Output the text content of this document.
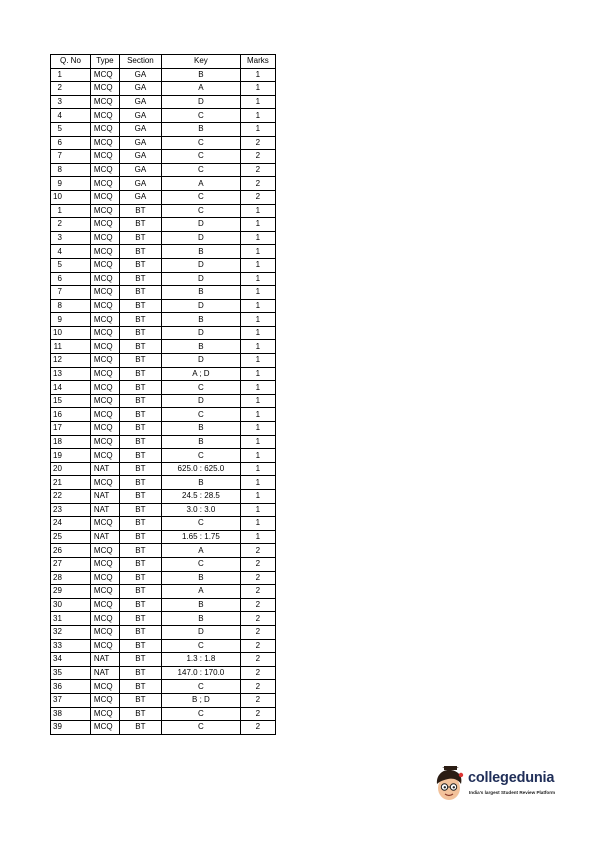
Q. No	Type	Section	Key	Marks
1	MCQ	GA	B	1
2	MCQ	GA	A	1
3	MCQ	GA	D	1
4	MCQ	GA	C	1
5	MCQ	GA	B	1
6	MCQ	GA	C	2
7	MCQ	GA	C	2
8	MCQ	GA	C	2
9	MCQ	GA	A	2
10	MCQ	GA	C	2
1	MCQ	BT	C	1
2	MCQ	BT	D	1
3	MCQ	BT	D	1
4	MCQ	BT	B	1
5	MCQ	BT	D	1
6	MCQ	BT	D	1
7	MCQ	BT	B	1
8	MCQ	BT	D	1
9	MCQ	BT	B	1
10	MCQ	BT	D	1
11	MCQ	BT	B	1
12	MCQ	BT	D	1
13	MCQ	BT	A ; D	1
14	MCQ	BT	C	1
15	MCQ	BT	D	1
16	MCQ	BT	C	1
17	MCQ	BT	B	1
18	MCQ	BT	B	1
19	MCQ	BT	C	1
20	NAT	BT	625.0 : 625.0	1
21	MCQ	BT	B	1
22	NAT	BT	24.5 : 28.5	1
23	NAT	BT	3.0 : 3.0	1
24	MCQ	BT	C	1
25	NAT	BT	1.65 : 1.75	1
26	MCQ	BT	A	2
27	MCQ	BT	C	2
28	MCQ	BT	B	2
29	MCQ	BT	A	2
30	MCQ	BT	B	2
31	MCQ	BT	B	2
32	MCQ	BT	D	2
33	MCQ	BT	C	2
34	NAT	BT	1.3 : 1.8	2
35	NAT	BT	147.0 : 170.0	2
36	MCQ	BT	C	2
37	MCQ	BT	B ; D	2
38	MCQ	BT	C	2
39	MCQ	BT	C	2
collegedunia
India's largest Student Review Platform
